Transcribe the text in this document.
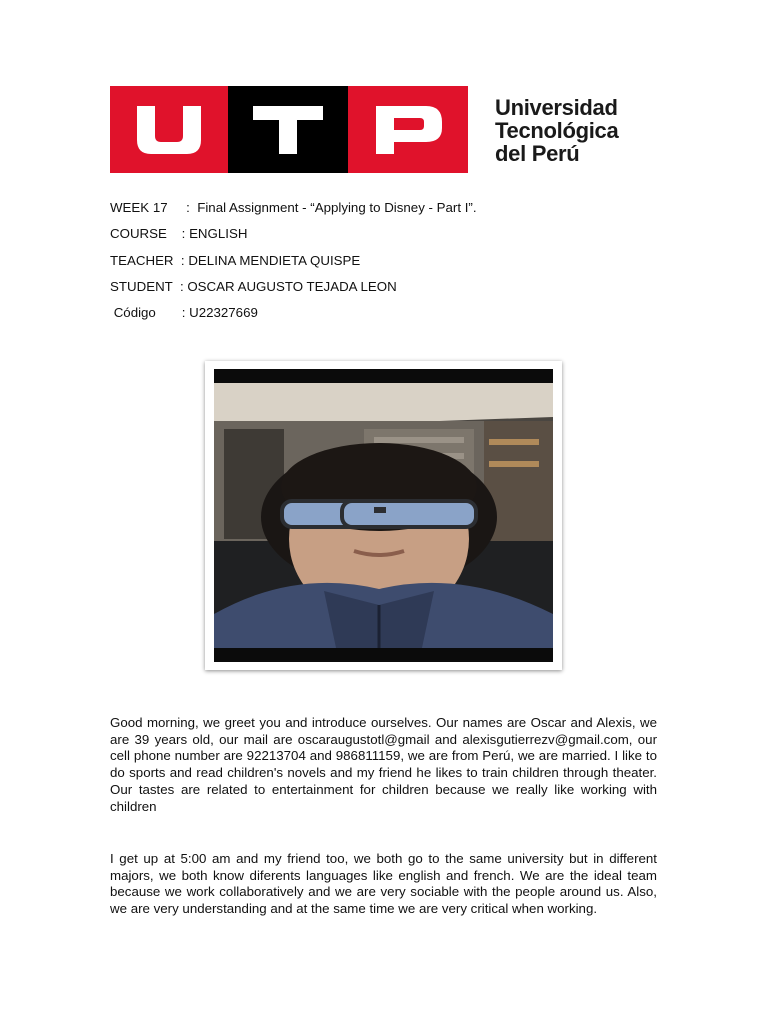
Universidad
Tecnológica
del Perú
WEEK 17     :  Final Assignment - “Applying to Disney - Part I”.
COURSE    : ENGLISH
TEACHER  : DELINA MENDIETA QUISPE
STUDENT  : OSCAR AUGUSTO TEJADA LEON
Código       : U22327669

Good morning, we greet you and introduce ourselves. Our names are Oscar and Alexis, we are 39 years old, our mail are oscaraugustotl@gmail and alexisgutierrezv@gmail.com, our cell phone number are 92213704 and 986811159, we are from Perú, we are married. I like to do sports and read children's novels and my friend he likes to train children through theater. Our tastes are related to entertainment for children because we really like working with children

I get up at 5:00 am and my friend too, we both go to the same university but in different majors, we both know diferents languages like english and french. We are the ideal team because we work collaboratively and we are very sociable with the people around us. Also, we are very understanding and at the same time we are very critical when working.
